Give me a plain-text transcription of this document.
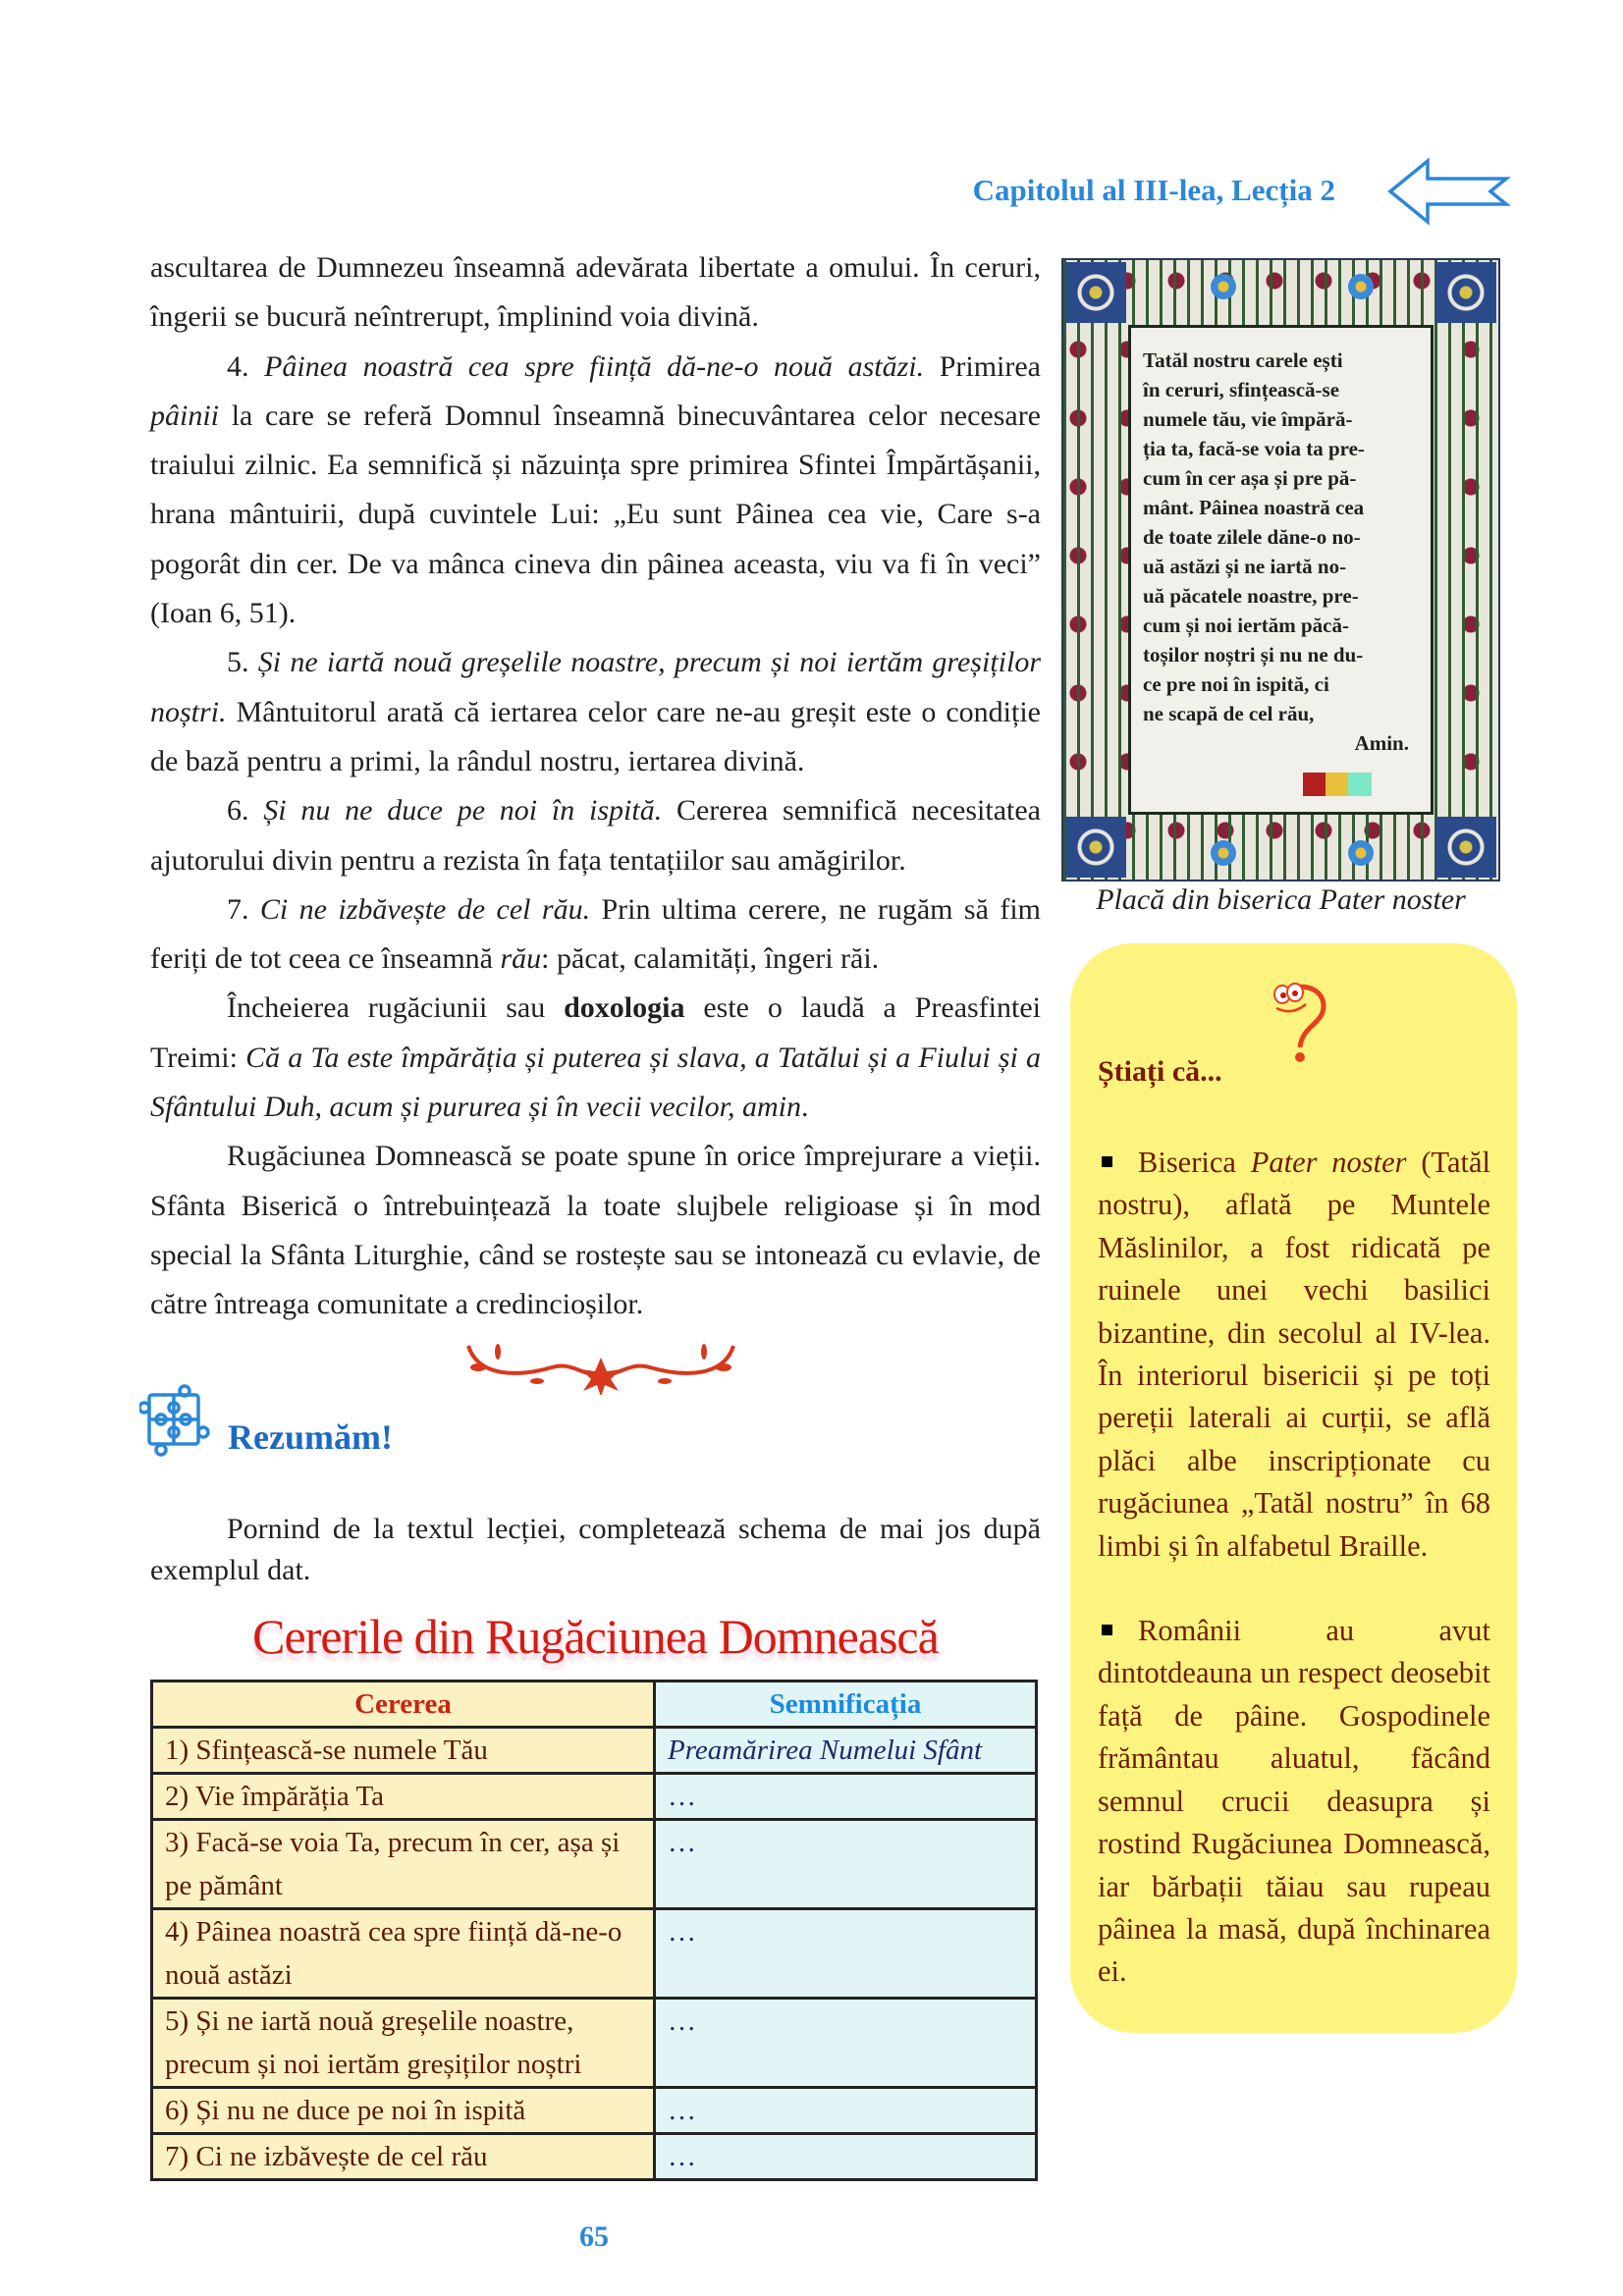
Capitolul al III-lea, Lecția 2

ascultarea de Dumnezeu înseamnă adevărata libertate a omului. În ceruri, îngerii se bucură neîntrerupt, împlinind voia divină.

4. Pâinea noastră cea spre ființă dă-ne-o nouă astăzi. Primirea pâinii la care se referă Domnul înseamnă binecuvântarea celor necesare traiului zilnic. Ea semnifică și năzuința spre primirea Sfintei Împărtășanii, hrana mântuirii, după cuvintele Lui: „Eu sunt Pâinea cea vie, Care s-a pogorât din cer. De va mânca cineva din pâinea aceasta, viu va fi în veci” (Ioan 6, 51).

5. Și ne iartă nouă greșelile noastre, precum și noi iertăm greșiților noștri. Mântuitorul arată că iertarea celor care ne-au greșit este o condiție de bază pentru a primi, la rândul nostru, iertarea divină.

6. Și nu ne duce pe noi în ispită. Cererea semnifică necesitatea ajutorului divin pentru a rezista în fața tentațiilor sau amăgirilor.

7. Ci ne izbăvește de cel rău. Prin ultima cerere, ne rugăm să fim feriți de tot ceea ce înseamnă rău: păcat, calamități, îngeri răi.

Încheierea rugăciunii sau doxologia este o laudă a Preasfintei Treimi: Că a Ta este împărăția și puterea și slava, a Tatălui și a Fiului și a Sfântului Duh, acum și pururea și în vecii vecilor, amin.

Rugăciunea Domnească se poate spune în orice împrejurare a vieții. Sfânta Biserică o întrebuințează la toate slujbele religioase și în mod special la Sfânta Liturghie, când se rostește sau se intonează cu evlavie, de către întreaga comunitate a credincioșilor.

Rezumăm!
Pornind de la textul lecției, completează schema de mai jos după exemplul dat.
Cererile din Rugăciunea Domnească
Cererea	Semnificația
1) Sfințească-se numele Tău	Preamărirea Numelui Sfânt
2) Vie împărăția Ta	…
3) Facă-se voia Ta, precum în cer, așa și pe pământ	…
4) Pâinea noastră cea spre ființă dă-ne-o nouă astăzi	…
5) Și ne iartă nouă greșelile noastre, precum și noi iertăm greșiților noștri	…
6) Și nu ne duce pe noi în ispită	…
7) Ci ne izbăvește de cel rău	…
65
Tatăl nostru carele ești
în ceruri, sfințească-se
numele tău, vie împără-
ția ta, facă-se voia ta pre-
cum în cer așa și pre pă-
mânt. Pâinea noastră cea
de toate zilele dăne-o no-
uă astăzi și ne iartă no-
uă păcatele noastre, pre-
cum și noi iertăm păcă-
toșilor noștri și nu ne du-
ce pre noi în ispită, ci
ne scapă de cel rău,
Amin.
Placă din biserica Pater noster
Știați că...
Biserica Pater noster (Tatăl nostru), aflată pe Muntele Măslinilor, a fost ridicată pe ruinele unei vechi basilici bizantine, din secolul al IV-lea. În interiorul bisericii și pe toți pereții laterali ai curții, se află plăci albe inscripționate cu rugăciunea „Tatăl nostru” în 68 limbi și în alfabetul Braille.
Românii au avut dintotdeauna un respect deosebit față de pâine. Gospodinele frământau aluatul, făcând semnul crucii deasupra și rostind Rugăciunea Domnească, iar bărbații tăiau sau rupeau pâinea la masă, după închinarea ei.
